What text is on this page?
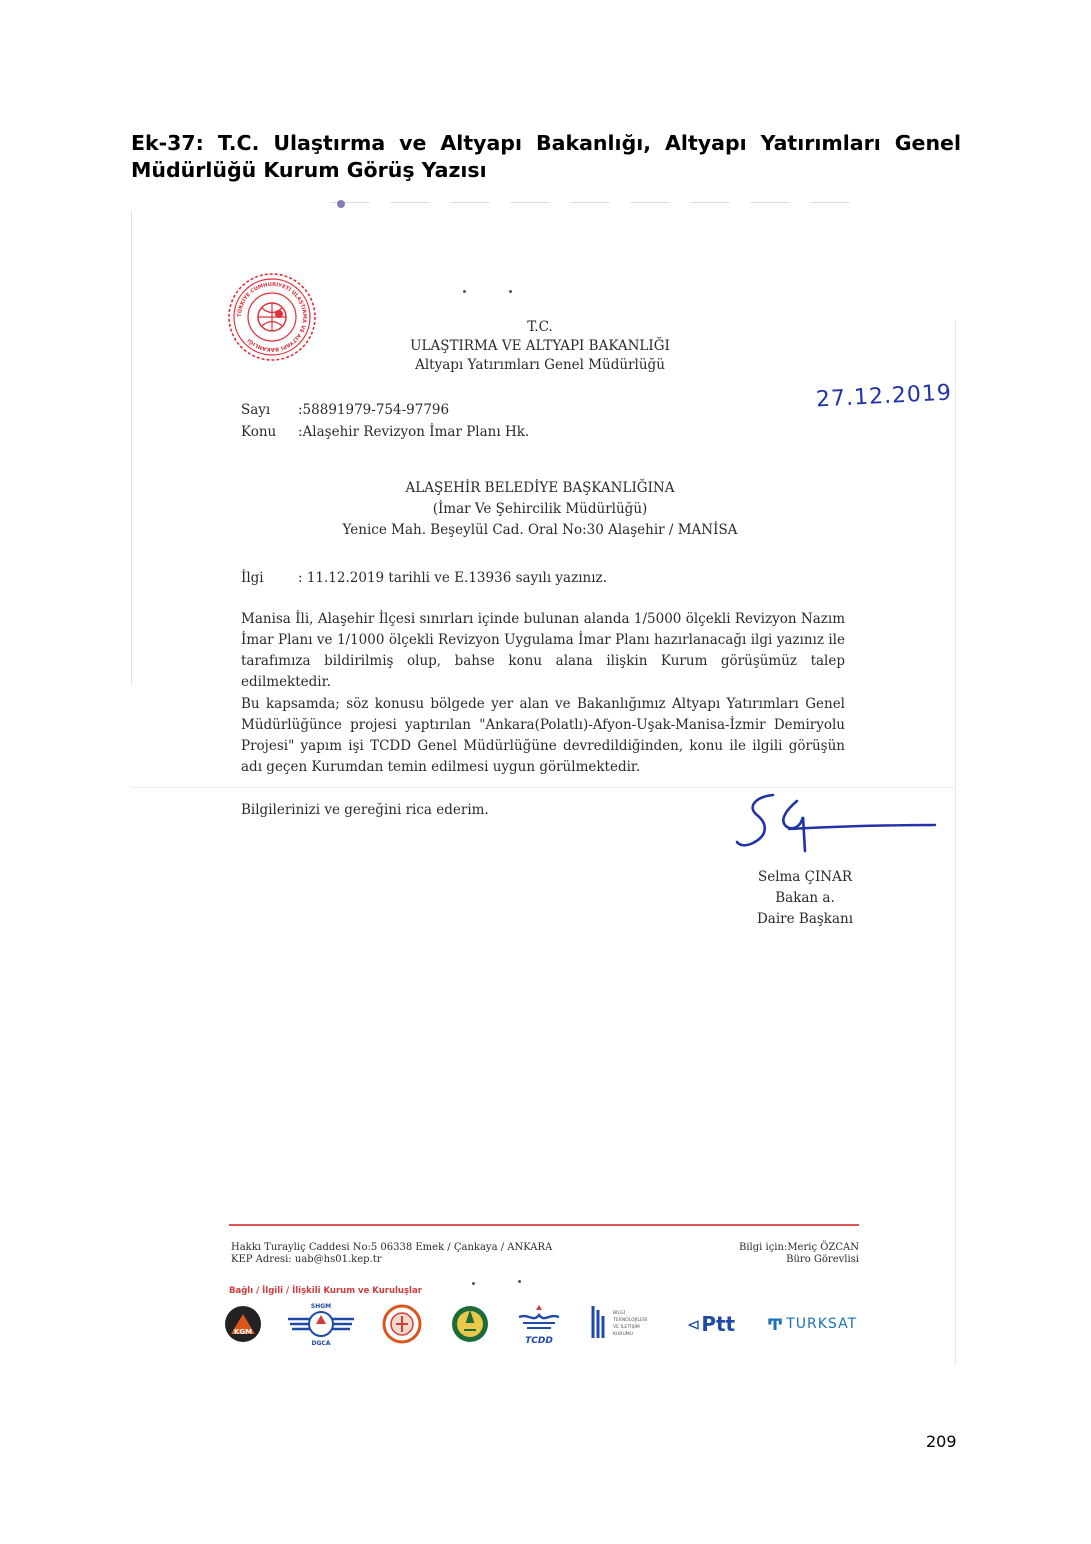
Ek-37: T.C. Ulaştırma ve Altyapı Bakanlığı, Altyapı Yatırımları Genel Müdürlüğü Kurum Görüş Yazısı
TÜRKİYE CUMHURİYETİ ULAŞTIRMA VE ALTYAPI BAKANLIĞI
T.C.
ULAŞTIRMA VE ALTYAPI BAKANLIĞI
Altyapı Yatırımları Genel Müdürlüğü
27.12.2019
Sayı :58891979-754-97796
Konu :Alaşehir Revizyon İmar Planı Hk.
ALAŞEHİR BELEDİYE BAŞKANLIĞINA
(İmar Ve Şehircilik Müdürlüğü)
Yenice Mah. Beşeylül Cad. Oral No:30 Alaşehir / MANİSA
İlgi	: 11.12.2019 tarihli ve E.13936 sayılı yazınız.
Manisa İli, Alaşehir İlçesi sınırları içinde bulunan alanda 1/5000 ölçekli Revizyon Nazım İmar Planı ve 1/1000 ölçekli Revizyon Uygulama İmar Planı hazırlanacağı ilgi yazınız ile tarafımıza bildirilmiş olup, bahse konu alana ilişkin Kurum görüşümüz talep edilmektedir.
Bu kapsamda; söz konusu bölgede yer alan ve Bakanlığımız Altyapı Yatırımları Genel Müdürlüğünce projesi yaptırılan "Ankara(Polatlı)-Afyon-Uşak-Manisa-İzmir Demiryolu Projesi" yapım işi TCDD Genel Müdürlüğüne devredildiğinden, konu ile ilgili görüşün adı geçen Kurumdan temin edilmesi uygun görülmektedir.
Bilgilerinizi ve gereğini rica ederim.
Selma ÇINAR
Bakan a.
Daire Başkanı
Hakkı Turayliç Caddesi No:5 06338 Emek / Çankaya / ANKARA
KEP Adresi: uab@hs01.kep.tr
Bilgi için:Meriç ÖZCAN
Büro Görevlisi
Bağlı / İlgili / İlişkili Kurum ve Kuruluşlar
KGM
SHGM
DGCA	TCDD
BİLGİ
TEKNOLOJİLERİ
VE İLETİŞİM
KURUMU
⊲ Ptt Ͳ TURKSAT
209
